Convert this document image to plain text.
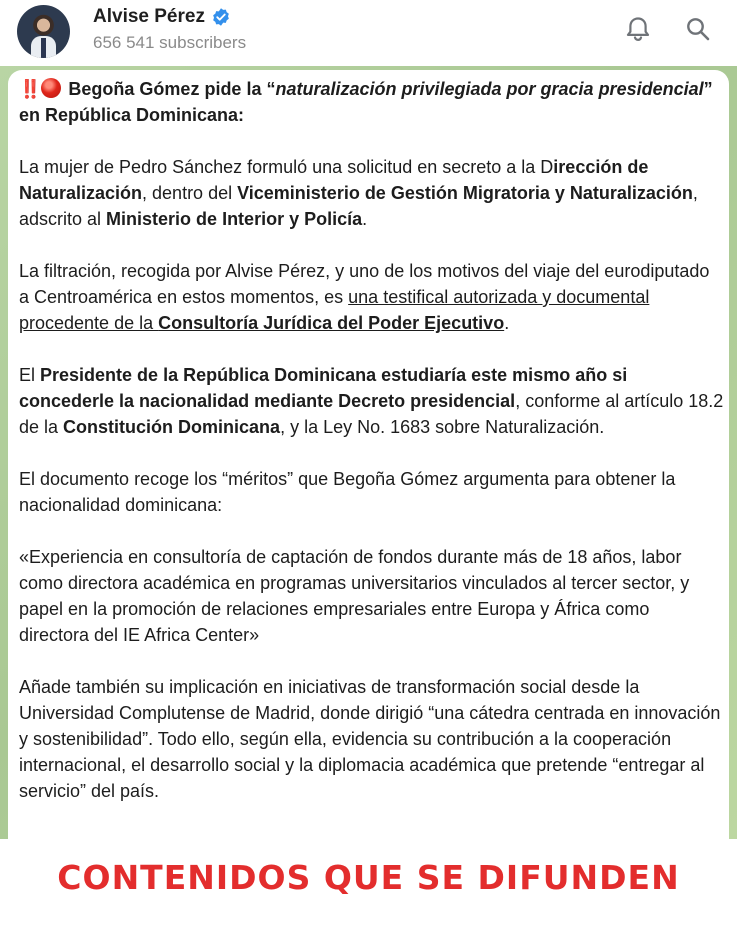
Alvise Pérez
656 541 subscribers

‼️ Begoña Gómez pide la “naturalización privilegiada por gracia presidencial” en República Dominicana:

La mujer de Pedro Sánchez formuló una solicitud en secreto a la Dirección de Naturalización, dentro del Viceministerio de Gestión Migratoria y Naturalización, adscrito al Ministerio de Interior y Policía.

La filtración, recogida por Alvise Pérez, y uno de los motivos del viaje del eurodiputado a Centroamérica en estos momentos, es una testifical autorizada y documental procedente de la Consultoría Jurídica del Poder Ejecutivo.

El Presidente de la República Dominicana estudiaría este mismo año si concederle la nacionalidad mediante Decreto presidencial, conforme al artículo 18.2 de la Constitución Dominicana, y la Ley No. 1683 sobre Naturalización.

El documento recoge los “méritos” que Begoña Gómez argumenta para obtener la nacionalidad dominicana:

«Experiencia en consultoría de captación de fondos durante más de 18 años, labor como directora académica en programas universitarios vinculados al tercer sector, y papel en la promoción de relaciones empresariales entre Europa y África como directora del IE Africa Center»

Añade también su implicación en iniciativas de transformación social desde la Universidad Complutense de Madrid, donde dirigió “una cátedra centrada en innovación y sostenibilidad”. Todo ello, según ella, evidencia su contribución a la cooperación internacional, el desarrollo social y la diplomacia académica que pretende “entregar al servicio” del país.

CONTENIDOS QUE SE DIFUNDEN
